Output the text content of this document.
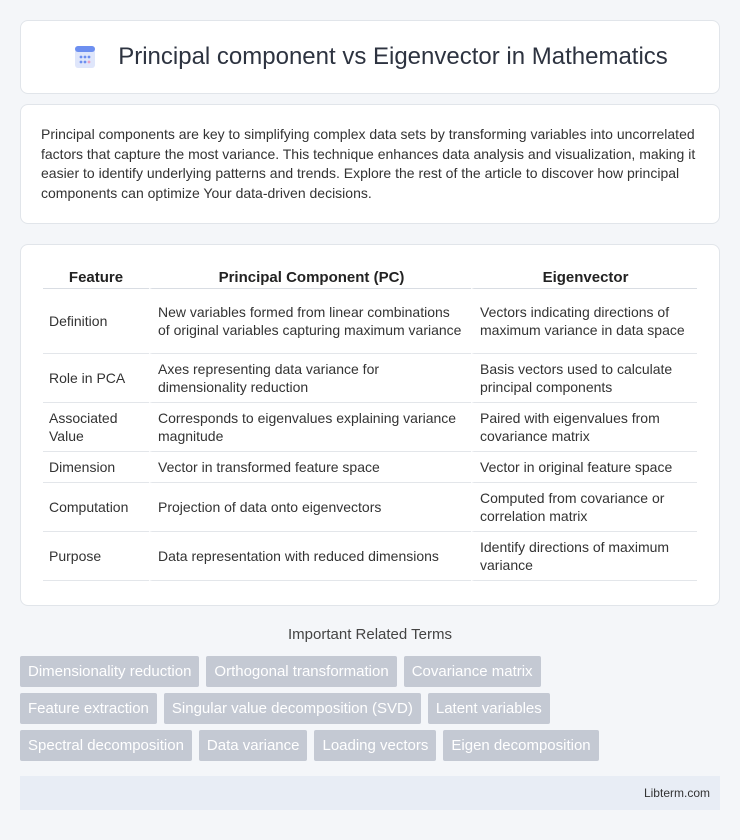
Principal component vs Eigenvector in Mathematics

Principal components are key to simplifying complex data sets by transforming variables into uncorrelated factors that capture the most variance. This technique enhances data analysis and visualization, making it easier to identify underlying patterns and trends. Explore the rest of the article to discover how principal components can optimize Your data-driven decisions.

Feature	Principal Component (PC)	Eigenvector
Definition	New variables formed from linear combinations of original variables capturing maximum variance	Vectors indicating directions of maximum variance in data space
Role in PCA	Axes representing data variance for dimensionality reduction	Basis vectors used to calculate principal components
Associated Value	Corresponds to eigenvalues explaining variance magnitude	Paired with eigenvalues from covariance matrix
Dimension	Vector in transformed feature space	Vector in original feature space
Computation	Projection of data onto eigenvectors	Computed from covariance or correlation matrix
Purpose	Data representation with reduced dimensions	Identify directions of maximum variance
Important Related Terms
Dimensionality reduction	Orthogonal transformation	Covariance matrix
Feature extraction	Singular value decomposition (SVD)	Latent variables
Spectral decomposition	Data variance	Loading vectors	Eigen decomposition
Libterm.com
